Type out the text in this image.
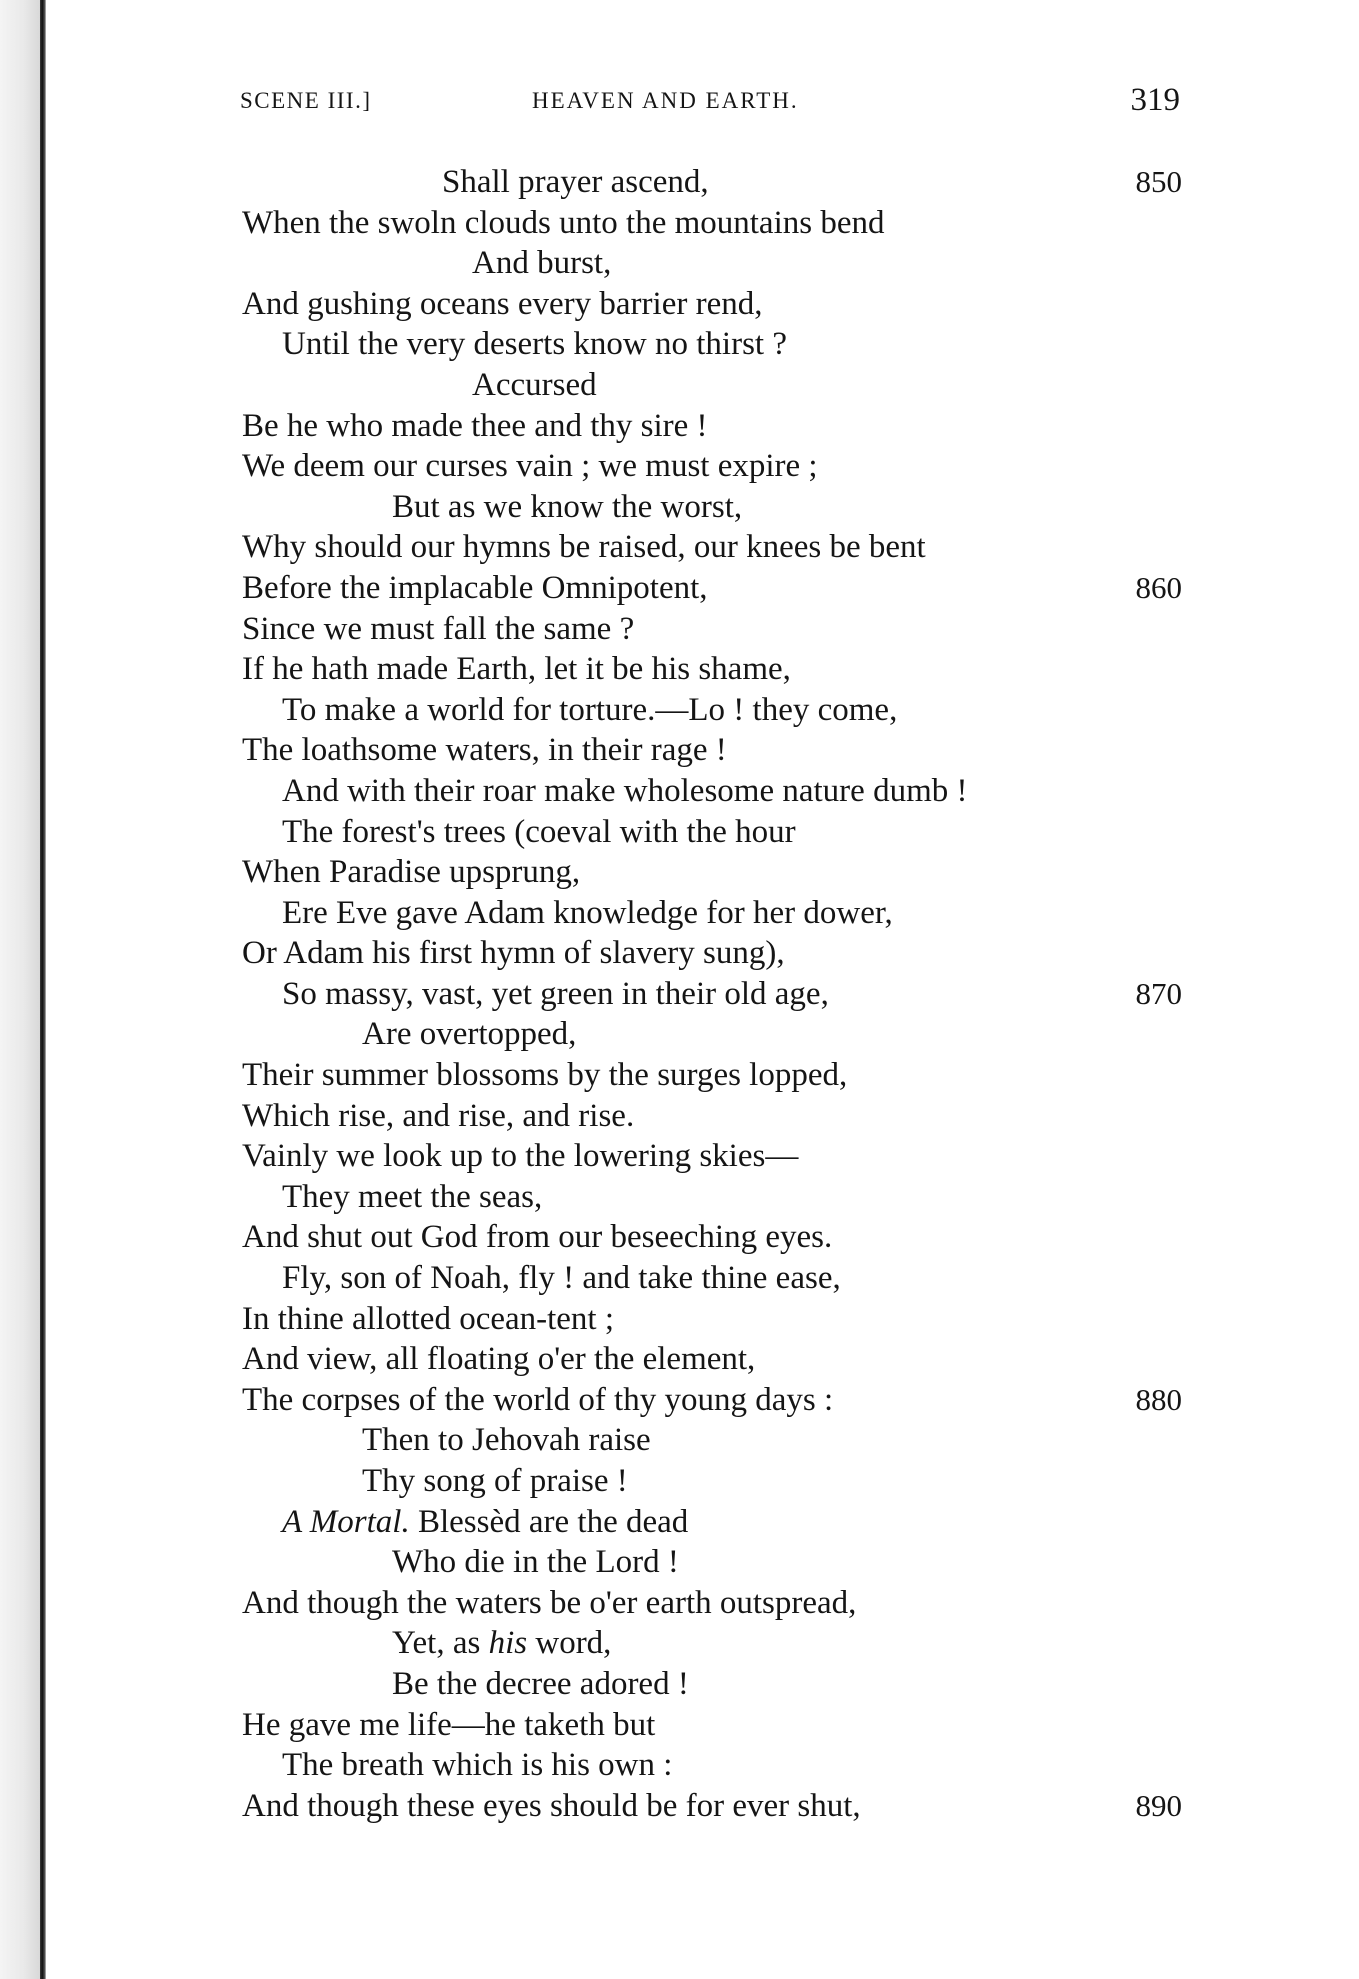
SCENE III.]	HEAVEN AND EARTH.	319
Shall prayer ascend,	850
When the swoln clouds unto the mountains bend
And burst,
And gushing oceans every barrier rend,
Until the very deserts know no thirst ?
Accursed
Be he who made thee and thy sire !
We deem our curses vain ; we must expire ;
But as we know the worst,
Why should our hymns be raised, our knees be bent
Before the implacable Omnipotent,	860
Since we must fall the same ?
If he hath made Earth, let it be his shame,
To make a world for torture.—Lo ! they come,
The loathsome waters, in their rage !
And with their roar make wholesome nature dumb !
The forest's trees (coeval with the hour
When Paradise upsprung,
Ere Eve gave Adam knowledge for her dower,
Or Adam his first hymn of slavery sung),
So massy, vast, yet green in their old age,	870
Are overtopped,
Their summer blossoms by the surges lopped,
Which rise, and rise, and rise.
Vainly we look up to the lowering skies—
They meet the seas,
And shut out God from our beseeching eyes.
Fly, son of Noah, fly ! and take thine ease,
In thine allotted ocean-tent ;
And view, all floating o'er the element,
The corpses of the world of thy young days :	880
Then to Jehovah raise
Thy song of praise !
A Mortal. Blessèd are the dead
Who die in the Lord !
And though the waters be o'er earth outspread,
Yet, as his word,
Be the decree adored !
He gave me life—he taketh but
The breath which is his own :
And though these eyes should be for ever shut,	890
